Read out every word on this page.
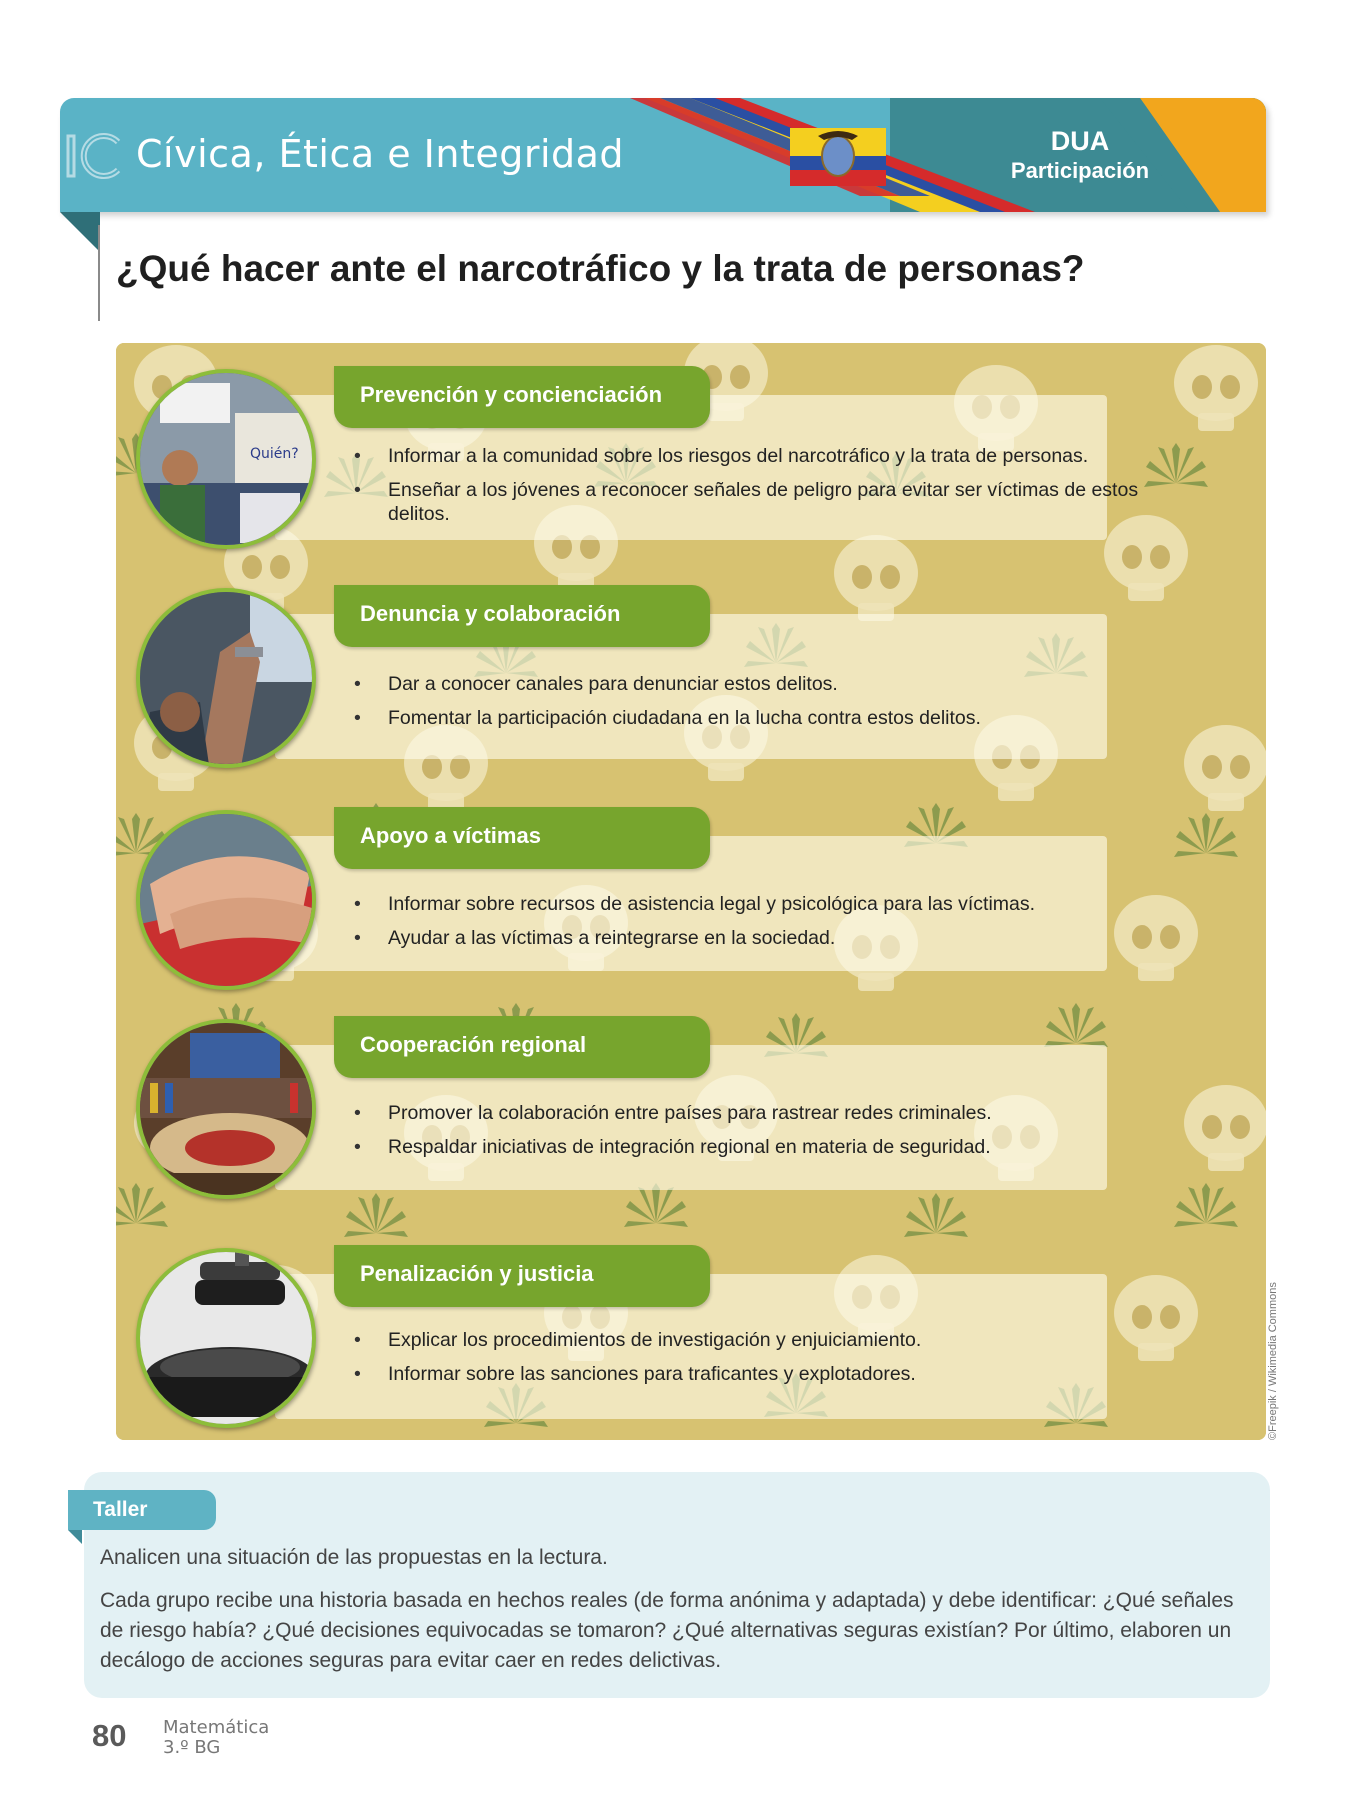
Cívica, Ética e Integridad	DUA
Participación
¿Qué hacer ante el narcotráfico y la trata de personas?
Quién?
Prevención y concienciación
• Informar a la comunidad sobre los riesgos del narcotráfico y la trata de personas.
• Enseñar a los jóvenes a reconocer señales de peligro para evitar ser víctimas de estos delitos.
Denuncia y colaboración
• Dar a conocer canales para denunciar estos delitos.
• Fomentar la participación ciudadana en la lucha contra estos delitos.
Apoyo a víctimas
• Informar sobre recursos de asistencia legal y psicológica para las víctimas.
• Ayudar a las víctimas a reintegrarse en la sociedad.
Cooperación regional
• Promover la colaboración entre países para rastrear redes criminales.
• Respaldar iniciativas de integración regional en materia de seguridad.
Penalización y justicia
• Explicar los procedimientos de investigación y enjuiciamiento.
• Informar sobre las sanciones para traficantes y explotadores.	©Freepik / Wikimedia Commons
Taller

Analicen una situación de las propuestas en la lectura.

Cada grupo recibe una historia basada en hechos reales (de forma anónima y adaptada) y debe identificar: ¿Qué señales de riesgo había? ¿Qué decisiones equivocadas se tomaron? ¿Qué alternativas seguras existían? Por último, elaboren un decálogo de acciones seguras para evitar caer en redes delictivas.

80 Matemática
3.º BG
